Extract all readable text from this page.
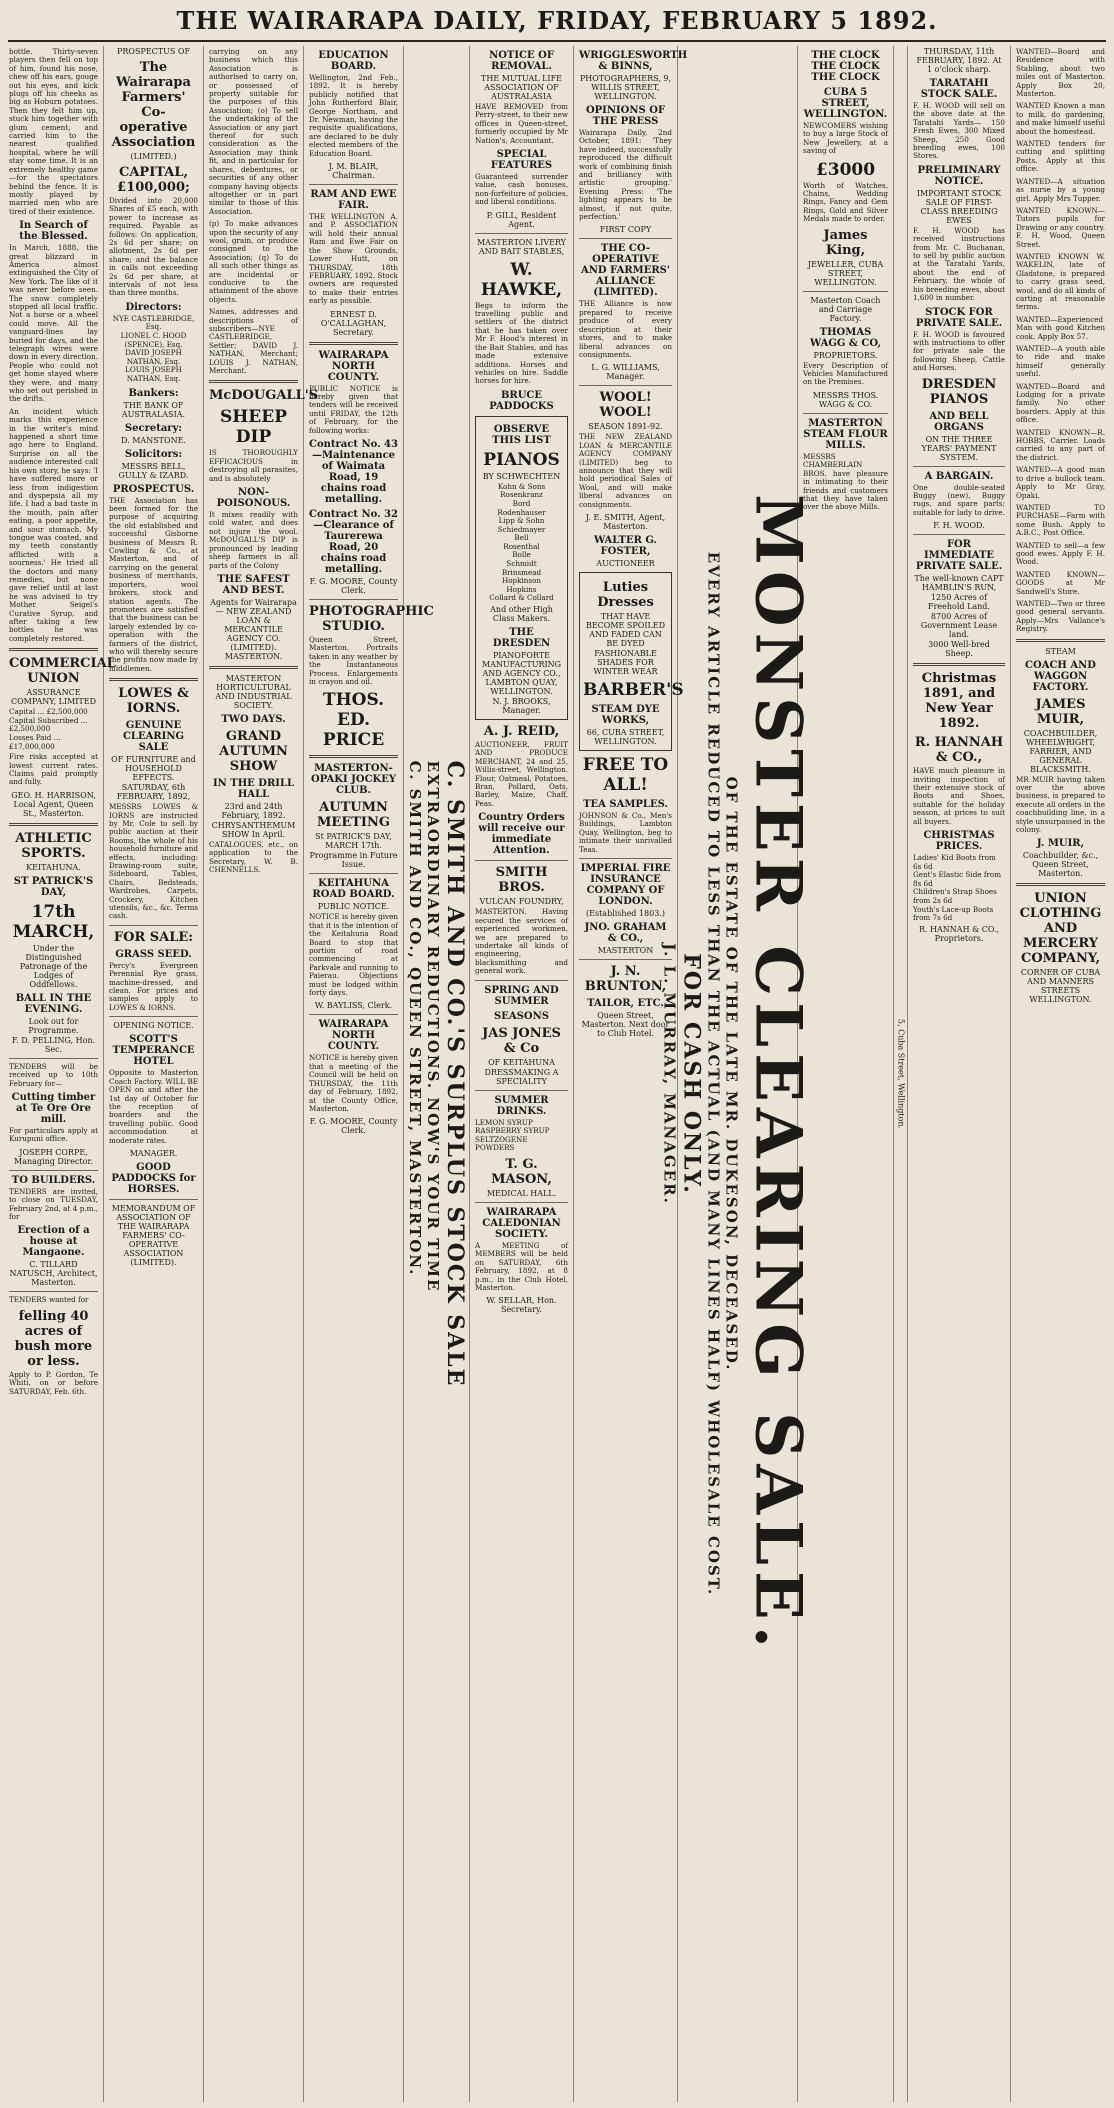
THE WAIRARAPA DAILY, FRIDAY, FEBRUARY 5 1892.
bottle. Thirty-seven players then fell on top of him, found his nose, chew off his ears, gouge out his eyes, and kick plugs off his cheeks as big as Hoburn potatoes. Then they felt him up, stuck him together with glum cement, and carried him to the nearest qualified hospital, where he will stay some time. It is an extremely healthy game—for the spectators behind the fence. It is mostly played by married men who are tired of their existence.
In Search of the Blessed.
In March, 1888, the great blizzard in America almost extinguished the City of New York. The like of it was never before seen. The snow completely stopped all local traffic. Not a horse or a wheel could move. All the vanguard-lines lay buried for days, and the telegraph wires were down in every direction. People who could not get home stayed where they were, and many who set out perished in the drifts.
An incident which marks this experience in the writer's mind happened a short time ago here to England. Surprise on all the audience interested call his own story, he says: 'I have suffered more or less from indigestion and dyspepsia all my life. I had a bad taste in the mouth, pain after eating, a poor appetite, and sour stomach. My tongue was coated, and my teeth constantly afflicted with a sourness.' He tried all the doctors and many remedies, but none gave relief until at last he was advised to try Mother Seigel's Curative Syrup, and after taking a few bottles he was completely restored.
COMMERCIAL UNION
ASSURANCE COMPANY, LIMITED
Capital ... £2,500,000
Capital Subscribed ... £2,500,000
Losses Paid ... £17,000,000
Fire risks accepted at lowest current rates. Claims paid promptly and fully.
GEO. H. HARRISON, Local Agent, Queen St., Masterton.
ATHLETIC SPORTS.
KEITAHUNA.
ST PATRICK'S DAY,
17th MARCH,
Under the Distinguished Patronage of the Lodges of Oddfellows.
BALL IN THE EVENING.
Look out for Programme.
F. D. PELLING, Hon. Sec.
TENDERS will be received up to 10th February for—
Cutting timber at Te Ore Ore mill.
For particulars apply at Kurupuni office.
JOSEPH CORPE, Managing Director.
TO BUILDERS.
TENDERS are invited, to close on TUESDAY, February 2nd, at 4 p.m., for
Erection of a house at Mangaone.
C. TILLARD NATUSCH, Architect, Masterton.
TENDERS wanted for
felling 40 acres of bush more or less.
Apply to P. Gordon, Te Whiti, on or before SATURDAY, Feb. 6th.
PROSPECTUS OF
The Wairarapa Farmers' Co-operative Association
(LIMITED.)
CAPITAL, £100,000;
Divided into 20,000 Shares of £5 each, with power to increase as required. Payable as follows: On application, 2s 6d per share; on allotment, 2s 6d per share; and the balance in calls not exceeding 2s 6d per share, at intervals of not less than three months.
Directors:
NYE CASTLEBRIDGE, Esq.
LIONEL C. HOOD (SPENCE), Esq.
DAVID JOSEPH NATHAN, Esq.
LOUIS JOSEPH NATHAN, Esq.
Bankers:
THE BANK OF AUSTRALASIA.
Secretary:
D. MANSTONE.
Solicitors:
MESSRS BELL, GULLY & IZARD.
PROSPECTUS.
THE Association has been formed for the purpose of acquiring the old established and successful Gisborne business of Messrs R. Cowling & Co., at Masterton, and of carrying on the general business of merchants, importers, wool brokers, stock and station agents. The promoters are satisfied that the business can be largely extended by co-operation with the farmers of the district, who will thereby secure the profits now made by middlemen.
LOWES & IORNS.
GENUINE CLEARING SALE
OF FURNITURE and HOUSEHOLD EFFECTS.
SATURDAY, 6th FEBRUARY, 1892,
MESSRS LOWES & IORNS are instructed by Mr. Cole to sell by public auction at their Rooms, the whole of his household furniture and effects, including: Drawing-room suite, Sideboard, Tables, Chairs, Bedsteads, Wardrobes, Carpets, Crockery, Kitchen utensils, &c., &c. Terms cash.
FOR SALE:
GRASS SEED.
Percy's Evergreen Perennial Rye grass, machine-dressed, and clean. For prices and samples apply to LOWES & IORNS.
OPENING NOTICE.
SCOTT'S TEMPERANCE HOTEL
Opposite to Masterton Coach Factory. WILL BE OPEN on and after the 1st day of October for the reception of boarders and the travelling public. Good accommodation at moderate rates.
MANAGER.
GOOD PADDOCKS for HORSES.
MEMORANDUM OF ASSOCIATION OF THE WAIRARAPA FARMERS' CO-OPERATIVE ASSOCIATION (LIMITED).
carrying on any business which this Association is authorised to carry on, or possessed of property suitable for the purposes of this Association; (o) To sell the undertaking of the Association or any part thereof for such consideration as the Association may think fit, and in particular for shares, debentures, or securities of any other company having objects altogether or in part similar to those of this Association.
(p) To make advances upon the security of any wool, grain, or produce consigned to the Association; (q) To do all such other things as are incidental or conducive to the attainment of the above objects.
Names, addresses and descriptions of subscribers—NYE CASTLEBRIDGE, Settler; DAVID J. NATHAN, Merchant; LOUIS J. NATHAN, Merchant.
McDOUGALL'S
SHEEP DIP
IS THOROUGHLY EFFICACIOUS in destroying all parasites, and is absolutely
NON-POISONOUS.
It mixes readily with cold water, and does not injure the wool. McDOUGALL'S DIP is pronounced by leading sheep farmers in all parts of the Colony
THE SAFEST AND BEST.
Agents for Wairarapa— NEW ZEALAND LOAN & MERCANTILE AGENCY CO. (LIMITED). MASTERTON.
MASTERTON HORTICULTURAL AND INDUSTRIAL SOCIETY.
TWO DAYS.
GRAND AUTUMN SHOW
IN THE DRILL HALL
23rd and 24th February, 1892.
CHRYSANTHEMUM SHOW In April.
CATALOGUES, etc., on application to the Secretary, W. B. CHENNELLS.
EDUCATION BOARD.
Wellington, 2nd Feb., 1892. It is hereby publicly notified that John Rutherford Blair, George Northam, and Dr. Newman, having the requisite qualifications, are declared to be duly elected members of the Education Board.
J. M. BLAIR, Chairman.
RAM AND EWE FAIR.
THE WELLINGTON A. and P. ASSOCIATION will hold their annual Ram and Ewe Fair on the Show Grounds, Lower Hutt, on THURSDAY, 18th FEBRUARY, 1892. Stock owners are requested to make their entries early as possible.
ERNEST D. O'CALLAGHAN, Secretary.
WAIRARAPA NORTH COUNTY.
PUBLIC NOTICE is hereby given that tenders will be received until FRIDAY, the 12th of February, for the following works:
Contract No. 43—Maintenance of Waimata Road, 19 chains road metalling.
Contract No. 32—Clearance of Taurerewa Road, 20 chains road metalling.
F. G. MOORE, County Clerk.
PHOTOGRAPHIC STUDIO.
Queen Street, Masterton. Portraits taken in any weather by the Instantaneous Process. Enlargements in crayon and oil.
THOS. ED. PRICE
MASTERTON-OPAKI JOCKEY CLUB.
AUTUMN MEETING
St PATRICK'S DAY, MARCH 17th.
Programme in Future Issue.
KEITAHUNA ROAD BOARD.
PUBLIC NOTICE.
NOTICE is hereby given that it is the intention of the Keitahuna Road Board to stop that portion of road commencing at Parkvale and running to Paierau. Objections must be lodged within forty days.
W. BAYLISS, Clerk.
WAIRARAPA NORTH COUNTY.
NOTICE is hereby given that a meeting of the Council will be held on THURSDAY, the 11th day of February, 1892, at the County Office, Masterton.
F. G. MOORE, County Clerk.	C. SMITH AND CO.'S SURPLUS STOCK SALE
EXTRAORDINARY REDUCTIONS. NOW'S YOUR TIME
C. SMITH AND CO., QUEEN STREET, MASTERTON.
NOTICE OF REMOVAL.
THE MUTUAL LIFE ASSOCIATION OF AUSTRALASIA
HAVE REMOVED from Perry-street, to their new offices in Queen-street, formerly occupied by Mr Nation's, Accountant.
SPECIAL FEATURES
Guaranteed surrender value, cash bonuses, non-forfeiture of policies, and liberal conditions.
P. GILL, Resident Agent.
MASTERTON LIVERY AND BAIT STABLES,
W. HAWKE,
Begs to inform the travelling public and settlers of the district that he has taken over Mr F. Hood's interest in the Bait Stables, and has made extensive additions. Horses and vehicles on hire. Saddle horses for hire.
BRUCE PADDOCKS
OBSERVE THIS LIST
PIANOS
BY SCHWECHTEN
Kohn & Sons
Rosenkranz
Bord
Rodenhauser
Lipp & Sohn
Schiedmayer
Bell
Rosenthal
Bolle
Schmidt
Brinsmead
Hopkinson
Hopkins
Collard & Collard
And other High Class Makers.
THE DRESDEN
PIANOFORTE MANUFACTURING AND AGENCY CO., LAMBTON QUAY, WELLINGTON.
N. J. BROOKS, Manager.
A. J. REID,
AUCTIONEER, FRUIT AND PRODUCE MERCHANT, 24 and 25, Willis-street, Wellington. Flour, Oatmeal, Potatoes, Bran, Pollard, Oats, Barley, Maize, Chaff, Peas.
Country Orders will receive our immediate Attention.
SMITH BROS.
VULCAN FOUNDRY,
MASTERTON. Having secured the services of experienced workmen, we are prepared to undertake all kinds of engineering, blacksmithing and general work.
SPRING AND SUMMER
SEASONS
JAS JONES & Co
OF KEITAHUNA
DRESSMAKING A SPECIALITY
SUMMER DRINKS.
LEMON SYRUP
RASPBERRY SYRUP
SELTZOGENE POWDERS
T. G. MASON,
MEDICAL HALL.
WAIRARAPA CALEDONIAN SOCIETY.
A MEETING of MEMBERS will be held on SATURDAY, 6th February, 1892, at 8 p.m., in the Club Hotel, Masterton.
W. SELLAR, Hon. Secretary.
WRIGGLESWORTH & BINNS,
PHOTOGRAPHERS, 9, WILLIS STREET, WELLINGTON.
OPINIONS OF THE PRESS
Wairarapa Daily, 2nd October, 1891: 'They have indeed, successfully reproduced the difficult work of combining finish and brilliancy with artistic grouping.' Evening Press: 'The lighting appears to be almost, if not quite, perfection.'
FIRST COPY
THE CO-OPERATIVE AND FARMERS' ALLIANCE (LIMITED).
THE Alliance is now prepared to receive produce of every description at their stores, and to make liberal advances on consignments.
L. G. WILLIAMS, Manager.
WOOL! WOOL!
SEASON 1891-92.
THE NEW ZEALAND LOAN & MERCANTILE AGENCY COMPANY (LIMITED) beg to announce that they will hold periodical Sales of Wool, and will make liberal advances on consignments.
J. E. SMITH, Agent, Masterton.
WALTER G. FOSTER,
AUCTIONEER
Luties Dresses
THAT HAVE BECOME SPOILED AND FADED CAN BE DYED
FASHIONABLE SHADES FOR WINTER WEAR
BARBER'S
STEAM DYE WORKS,
66, CUBA STREET, WELLINGTON.
FREE TO ALL!
TEA SAMPLES.
JOHNSON & Co., Men's Buildings, Lambton Quay, Wellington, beg to intimate their unrivalled Teas.
IMPERIAL FIRE INSURANCE COMPANY OF LONDON.
(Established 1803.)
JNO. GRAHAM & CO.,
MASTERTON
J. N. BRUNTON,
TAILOR, ETC.
Queen Street, Masterton. Next door to Club Hotel. MONSTER CLEARING SALE.
OF THE ESTATE OF THE LATE MR. DUKESON, DECEASED.
EVERY ARTICLE REDUCED TO LESS THAN THE ACTUAL (AND MANY LINES HALF) WHOLESALE COST.
FOR CASH ONLY.
J. L. MURRAY, MANAGER.
THE CLOCK THE CLOCK THE CLOCK
CUBA 5 STREET, WELLINGTON.
NEWCOMERS wishing to buy a large Stock of New Jewellery, at a saving of
£3000
Worth of Watches, Chains, Wedding Rings, Fancy and Gem Rings, Gold and Silver Medals made to order.
James King,
JEWELLER, CUBA STREET, WELLINGTON.
Masterton Coach and Carriage Factory.
THOMAS WAGG & CO,
PROPRIETORS.
Every Description of Vehicles Manufactured on the Premises.
MESSRS THOS. WAGG & CO.
MASTERTON STEAM FLOUR MILLS.
MESSRS CHAMBERLAIN BROS. have pleasure in intimating to their friends and customers that they have taken over the above Mills.
5, Cuba Street, Wellington.
THURSDAY, 11th FEBRUARY, 1892. At 1 o'clock sharp.
TARATAHI STOCK SALE.
F. H. WOOD will sell on the above date at the Taratahi Yards— 150 Fresh Ewes, 300 Mixed Sheep, 250 Good breeding ewes, 100 Stores.
PRELIMINARY NOTICE.
IMPORTANT STOCK SALE OF FIRST-CLASS BREEDING EWES
F. H. WOOD has received instructions from Mr. C. Buchanan, to sell by public auction at the Taratahi Yards, about the end of February, the whole of his breeding ewes, about 1,600 in number.
STOCK FOR PRIVATE SALE.
F. H. WOOD is favoured with instructions to offer for private sale the following Sheep, Cattle and Horses.
DRESDEN PIANOS
AND BELL ORGANS
ON THE THREE YEARS' PAYMENT SYSTEM.
A BARGAIN.
One double-seated Buggy (new), Buggy rugs, and spare parts; suitable for lady to drive.
F. H. WOOD.
FOR IMMEDIATE PRIVATE SALE.
The well-known CAPT HAMBLIN'S RUN,
1250 Acres of Freehold Land.
8700 Acres of Government Lease land.
3000 Well-bred Sheep.
Christmas 1891, and New Year 1892.
R. HANNAH & CO.,
HAVE much pleasure in inviting inspection of their extensive stock of Boots and Shoes, suitable for the holiday season, at prices to suit all buyers.
CHRISTMAS PRICES.
Ladies' Kid Boots from 6s 6d
Gent's Elastic Side from 8s 6d
Children's Strap Shoes from 2s 6d
Youth's Lace-up Boots from 7s 6d
R. HANNAH & CO., Proprietors.
WANTED—Board and Residence with Stabling, about two miles out of Masterton. Apply Box 20, Masterton.
WANTED Known a man to milk, do gardening, and make himself useful about the homestead.
WANTED tenders for cutting and splitting Posts. Apply at this office.
WANTED—A situation as nurse by a young girl. Apply Mrs Tupper.
WANTED KNOWN—Tutors pupils for Drawing or any country. F. H. Wood, Queen Street.
WANTED KNOWN W. WAKELIN, late of Gladstone, is prepared to carry grass seed, wool, and do all kinds of carting at reasonable terms.
WANTED—Experienced Man with good Kitchen cook. Apply Box 57.
WANTED—A youth able to ride and make himself generally useful.
WANTED—Board and Lodging for a private family. No other boarders. Apply at this office.
WANTED KNOWN—R. HOBBS, Carrier. Loads carried to any part of the district.
WANTED—A good man to drive a bullock team. Apply to Mr Gray, Opaki.
WANTED TO PURCHASE—Farm with some Bush. Apply to A.B.C., Post Office.
WANTED to sell—a few good ewes. Apply F. H. Wood.
WANTED KNOWN—GOODS at Mr Sandwell's Store.
WANTED—Two or three good general servants. Apply—Mrs Vallance's Registry.
STEAM
COACH AND WAGGON FACTORY.
JAMES MUIR,
COACHBUILDER, WHEELWRIGHT, FARRIER, AND GENERAL BLACKSMITH.
MR MUIR having taken over the above business, is prepared to execute all orders in the coachbuilding line, in a style unsurpassed in the colony.
J. MUIR,
Coachbuilder, &c., Queen Street, Masterton.
UNION CLOTHING AND MERCERY COMPANY,
CORNER OF CUBA AND MANNERS STREETS WELLINGTON.
